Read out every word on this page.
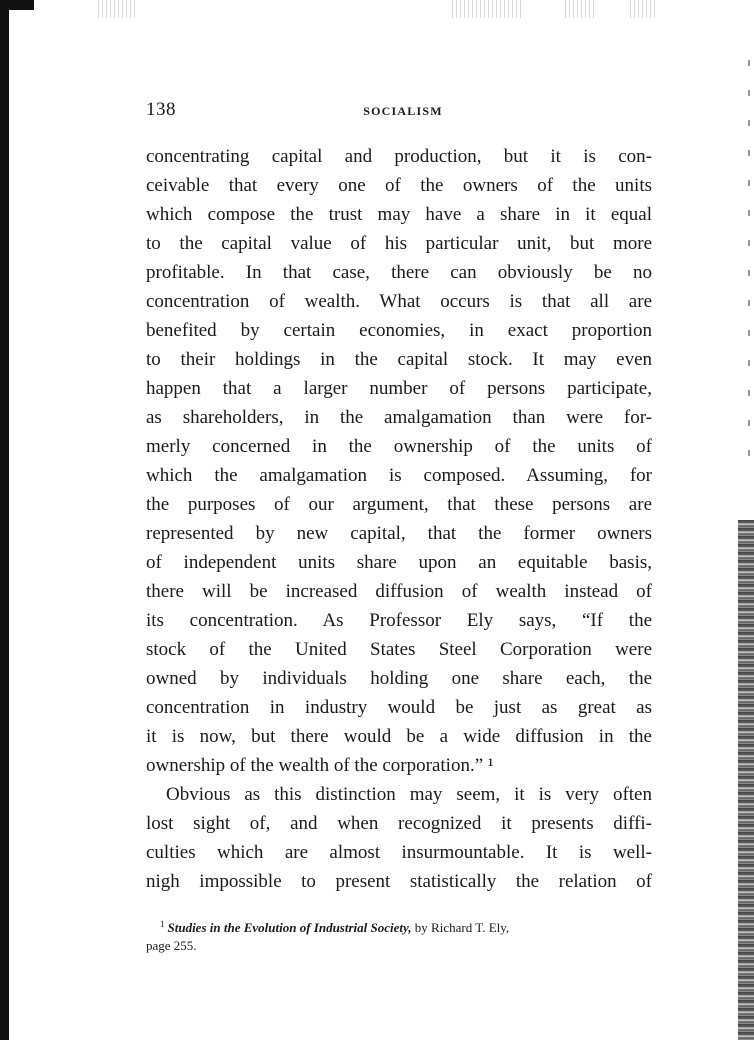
138	SOCIALISM
concentrating capital and production, but it is con-
ceivable that every one of the owners of the units
which compose the trust may have a share in it equal
to the capital value of his particular unit, but more
profitable. In that case, there can obviously be no
concentration of wealth. What occurs is that all are
benefited by certain economies, in exact proportion
to their holdings in the capital stock. It may even
happen that a larger number of persons participate,
as shareholders, in the amalgamation than were for-
merly concerned in the ownership of the units of
which the amalgamation is composed. Assuming, for
the purposes of our argument, that these persons are
represented by new capital, that the former owners
of independent units share upon an equitable basis,
there will be increased diffusion of wealth instead of
its concentration. As Professor Ely says, “If the
stock of the United States Steel Corporation were
owned by individuals holding one share each, the
concentration in industry would be just as great as
it is now, but there would be a wide diffusion in the
ownership of the wealth of the corporation.” ¹
Obvious as this distinction may seem, it is very often
lost sight of, and when recognized it presents diffi-
culties which are almost insurmountable. It is well-
nigh impossible to present statistically the relation of
$^1$ Studies in the Evolution of Industrial Society, by Richard T. Ely,
page 255.
